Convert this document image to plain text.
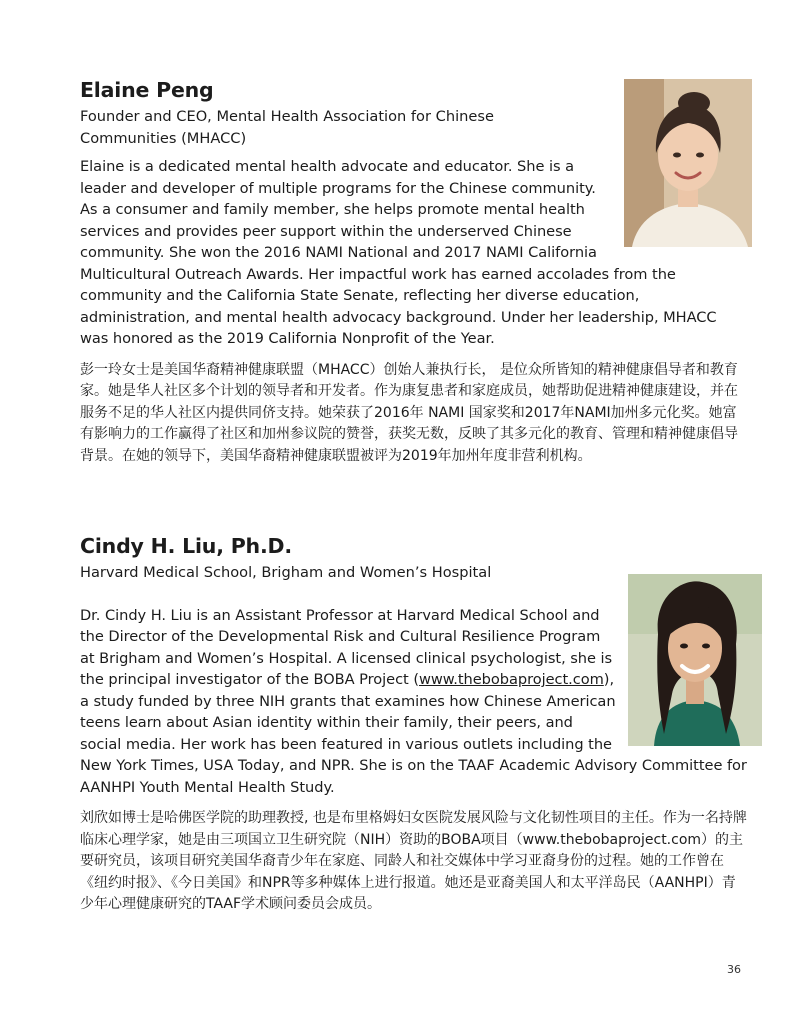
Elaine Peng

Founder and CEO, Mental Health Association for Chinese Communities (MHACC)

Elaine is a dedicated mental health advocate and educator. She is a leader and developer of multiple programs for the Chinese community. As a consumer and family member, she helps promote mental health services and provides peer support within the underserved Chinese community. She won the 2016 NAMI National and 2017 NAMI California Multicultural Outreach Awards. Her impactful work has earned accolades from the community and the California State Senate, reflecting her diverse education, administration, and mental health advocacy background. Under her leadership, MHACC was honored as the 2019 California Nonprofit of the Year.

彭一玲女士是美国华裔精神健康联盟（MHACC）创始人兼执行长， 是位众所皆知的精神健康倡导者和教育家。她是华人社区多个计划的领导者和开发者。作为康复患者和家庭成员，她帮助促进精神健康建设，并在服务不足的华人社区内提供同侪支持。她荣获了2016年 NAMI 国家奖和2017年NAMI加州多元化奖。她富有影响力的工作赢得了社区和加州参议院的赞誉，获奖无数，反映了其多元化的教育、管理和精神健康倡导背景。在她的领导下，美国华裔精神健康联盟被评为2019年加州年度非营利机构。

Cindy H. Liu, Ph.D.

Harvard Medical School, Brigham and Women’s Hospital

Dr. Cindy H. Liu is an Assistant Professor at Harvard Medical School and the Director of the Developmental Risk and Cultural Resilience Program at Brigham and Women’s Hospital. A licensed clinical psychologist, she is the principal investigator of the BOBA Project (www.thebobaproject.com), a study funded by three NIH grants that examines how Chinese American teens learn about Asian identity within their family, their peers, and social media. Her work has been featured in various outlets including the New York Times, USA Today, and NPR. She is on the TAAF Academic Advisory Committee for AANHPI Youth Mental Health Study.

刘欣如博士是哈佛医学院的助理教授, 也是布里格姆妇女医院发展风险与文化韧性项目的主任。作为一名持牌临床心理学家，她是由三项国立卫生研究院（NIH）资助的BOBA项目（www.thebobaproject.com）的主要研究员，该项目研究美国华裔青少年在家庭、同龄人和社交媒体中学习亚裔身份的过程。她的工作曾在《纽约时报》、《今日美国》和NPR等多种媒体上进行报道。她还是亚裔美国人和太平洋岛民（AANHPI）青少年心理健康研究的TAAF学术顾问委员会成员。

36
